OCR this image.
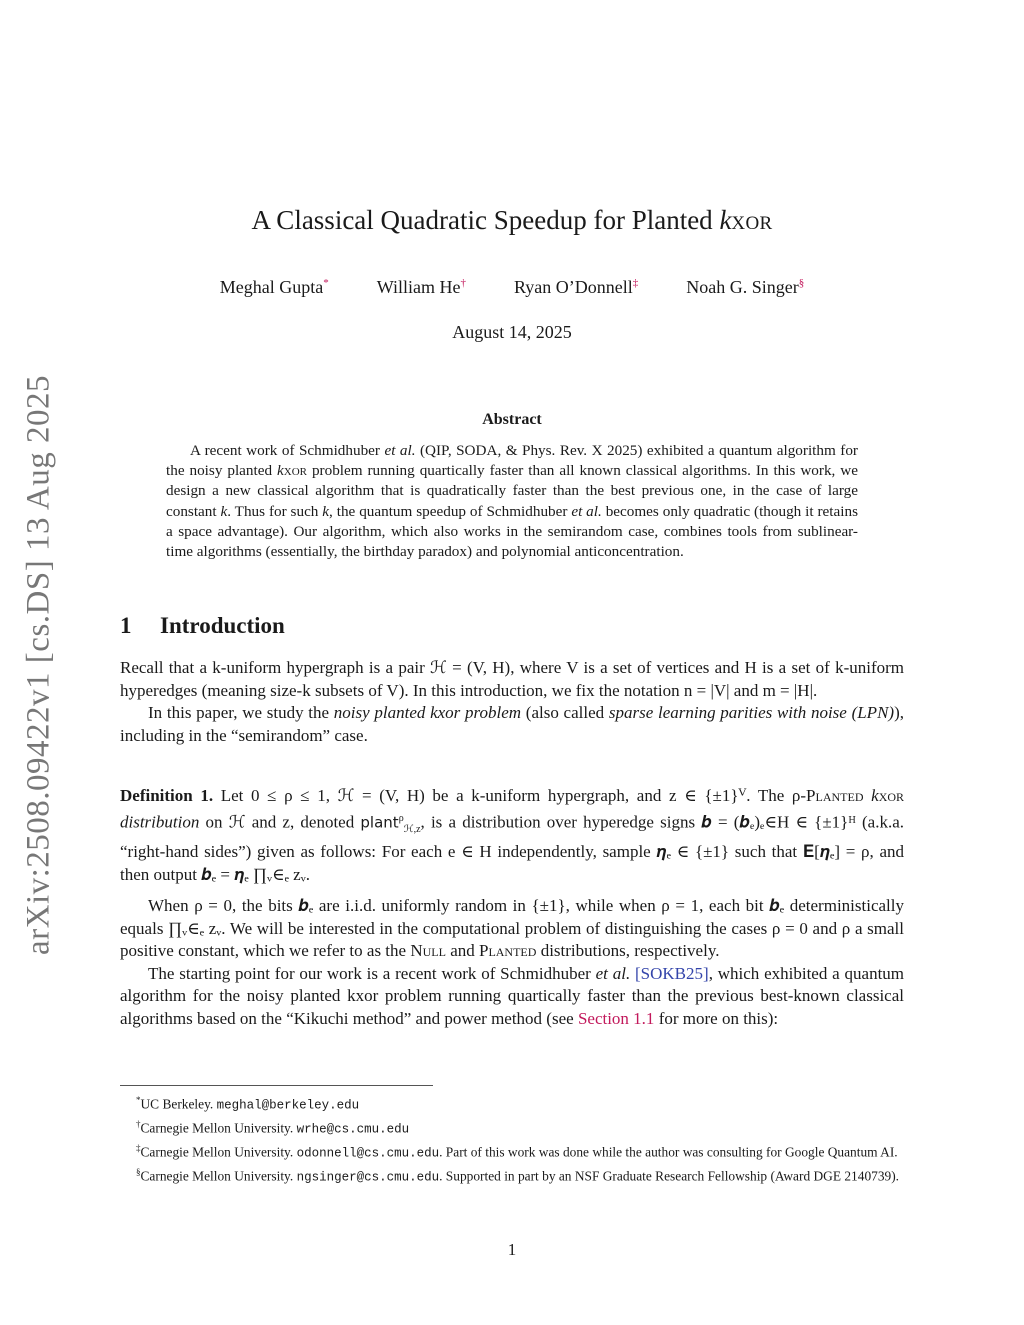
arXiv:2508.09422v1 [cs.DS] 13 Aug 2025
A Classical Quadratic Speedup for Planted kxor
Meghal Gupta*	William He†	Ryan O’Donnell‡	Noah G. Singer§
August 14, 2025
Abstract

A recent work of Schmidhuber et al. (QIP, SODA, & Phys. Rev. X 2025) exhibited a quantum algorithm for the noisy planted kxor problem running quartically faster than all known classical algorithms. In this work, we design a new classical algorithm that is quadratically faster than the best previous one, in the case of large constant k. Thus for such k, the quantum speedup of Schmidhuber et al. becomes only quadratic (though it retains a space advantage). Our algorithm, which also works in the semirandom case, combines tools from sublinear-time algorithms (essentially, the birthday paradox) and polynomial anticoncentration.

1 Introduction

Recall that a k-uniform hypergraph is a pair ℋ = (V, H), where V is a set of vertices and H is a set of k-uniform hyperedges (meaning size-k subsets of V). In this introduction, we fix the notation n = |V| and m = |H|.

In this paper, we study the noisy planted kxor problem (also called sparse learning parities with noise (LPN)), including in the “semirandom” case.

Definition 1. Let 0 ≤ ρ ≤ 1, ℋ = (V, H) be a k-uniform hypergraph, and z ∈ {±1}ⱽ. The ρ-Planted kxor distribution on ℋ and z, denoted plant$^\rho_{ℋ,z}$, is a distribution over hyperedge signs 𝒃 = (𝒃ₑ)ₑ∈H ∈ {±1}ᴴ (a.k.a. “right-hand sides”) given as follows: For each e ∈ H independently, sample 𝜼ₑ ∈ {±1} such that 𝐄[𝜼ₑ] = ρ, and then output 𝒃ₑ = 𝜼ₑ ∏ᵥ∈ₑ zᵥ.

When ρ = 0, the bits 𝒃ₑ are i.i.d. uniformly random in {±1}, while when ρ = 1, each bit 𝒃ₑ deterministically equals ∏ᵥ∈ₑ zᵥ. We will be interested in the computational problem of distinguishing the cases ρ = 0 and ρ a small positive constant, which we refer to as the Null and Planted distributions, respectively.

The starting point for our work is a recent work of Schmidhuber et al. [SOKB25], which exhibited a quantum algorithm for the noisy planted kxor problem running quartically faster than the previous best-known classical algorithms based on the “Kikuchi method” and power method (see Section 1.1 for more on this):

*UC Berkeley. meghal@berkeley.edu

†Carnegie Mellon University. wrhe@cs.cmu.edu

‡Carnegie Mellon University. odonnell@cs.cmu.edu. Part of this work was done while the author was consulting for Google Quantum AI.

§Carnegie Mellon University. ngsinger@cs.cmu.edu. Supported in part by an NSF Graduate Research Fellowship (Award DGE 2140739).

1
